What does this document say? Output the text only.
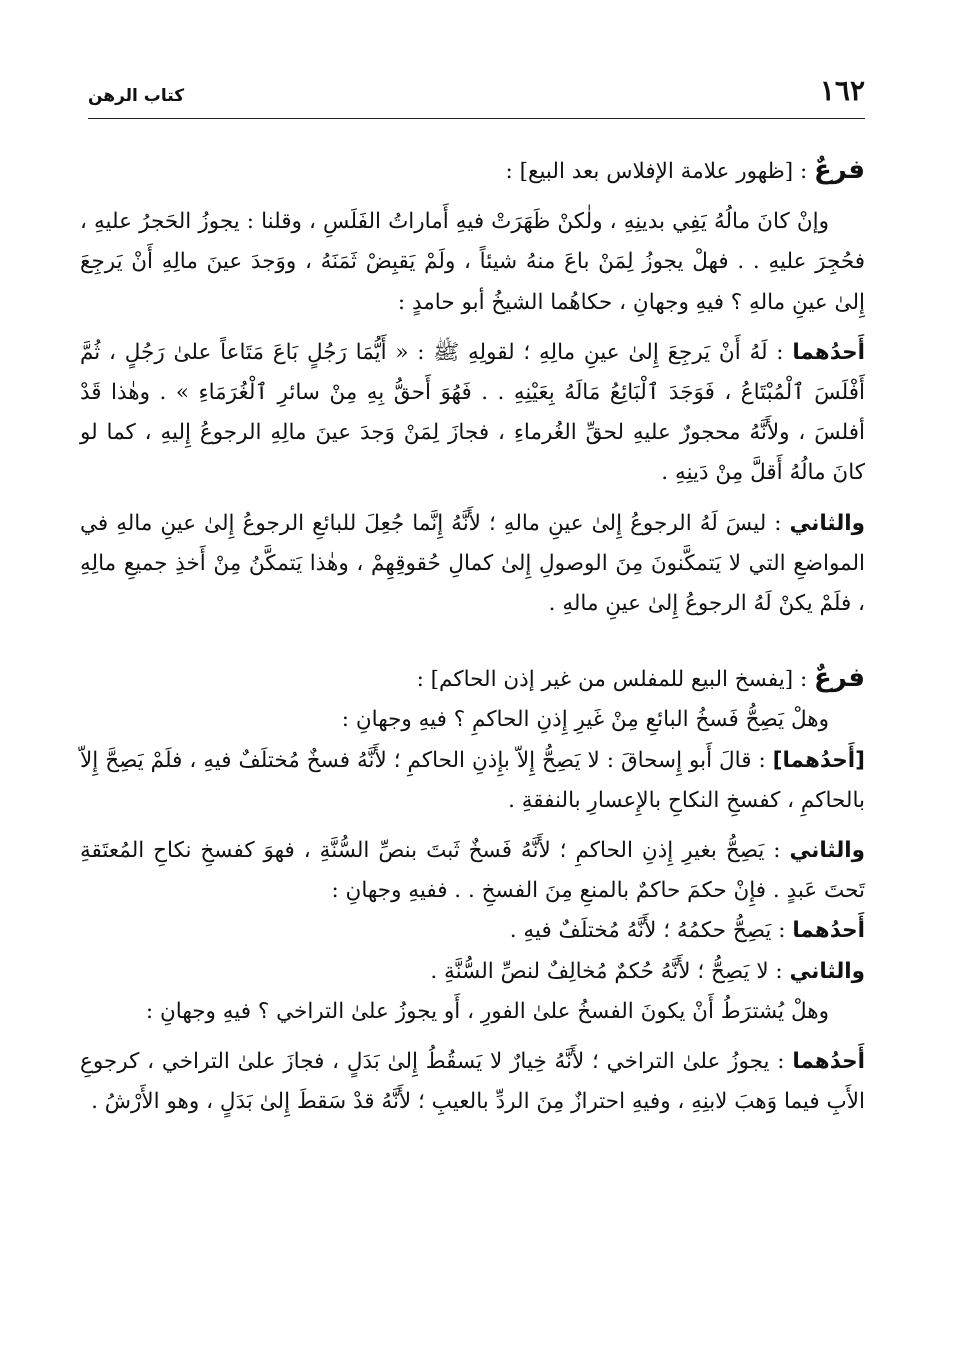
١٦٢
كتاب الرهن

فرعٌ : [ظهور علامة الإفلاس بعد البيع] :

وإنْ كانَ مالُهُ يَفِي بدينِهِ ، ولٰكنْ ظَهَرَتْ فيهِ أَماراتُ الفَلَسِ ، وقلنا : يجوزُ الحَجرُ عليهِ ، فحُجِرَ عليهِ . . فهلْ يجوزُ لِمَنْ باعَ منهُ شيئاً ، ولَمْ يَقبِضْ ثَمَنَهُ ، ووَجدَ عينَ مالِهِ أَنْ يَرجِعَ إِلىٰ عينِ مالهِ ؟ فيهِ وجهانِ ، حكاهُما الشيخُ أبو حامدٍ :

أَحدُهما : لَهُ أَنْ يَرجِعَ إِلىٰ عينِ مالِهِ ؛ لقولِهِ ﷺ : « أَيُّمَا رَجُلٍ بَاعَ مَتَاعاً علىٰ رَجُلٍ ، ثُمَّ أَفْلَسَ ٱلْمُبْتَاعُ ، فَوَجَدَ ٱلْبَائِعُ مَالَهُ بِعَيْنِهِ . . فَهُوَ أَحقُّ بِهِ مِنْ سائرِ ٱلْغُرَمَاءِ » . وهٰذا قَدْ أفلسَ ، ولأَنَّهُ محجورٌ عليهِ لحقِّ الغُرماءِ ، فجازَ لِمَنْ وَجدَ عينَ مالِهِ الرجوعُ إِليهِ ، كما لو كانَ مالُهُ أَقلَّ مِنْ دَينِهِ .

والثاني : ليسَ لَهُ الرجوعُ إِلىٰ عينِ مالهِ ؛ لأَنَّهُ إِنَّما جُعِلَ للبائعِ الرجوعُ إِلىٰ عينِ مالهِ في المواضعِ التي لا يَتمكَّنونَ مِنَ الوصولِ إِلىٰ كمالِ حُقوقِهِمْ ، وهٰذا يَتمكَّنُ مِنْ أَخذِ جميعِ مالِهِ ، فلَمْ يكنْ لَهُ الرجوعُ إِلىٰ عينِ مالهِ .

فرعٌ : [يفسخ البيع للمفلس من غير إذن الحاكم] :

وهلْ يَصِحُّ فَسخُ البائعِ مِنْ غَيرِ إِذنِ الحاكمِ ؟ فيهِ وجهانِ :

[أَحدُهما] : قالَ أَبو إِسحاقَ : لا يَصِحُّ إِلاّ بإِذنِ الحاكمِ ؛ لأَنَّهُ فسخٌ مُختلَفٌ فيهِ ، فلَمْ يَصِحَّ إِلاّ بالحاكمِ ، كفسخِ النكاحِ بالإِعسارِ بالنفقةِ .

والثاني : يَصِحُّ بغيرِ إِذنِ الحاكمِ ؛ لأَنَّهُ فَسخٌ ثَبتَ بنصِّ السُّنَّةِ ، فهوَ كفسخِ نكاحِ المُعتَقةِ تَحتَ عَبدٍ . فإِنْ حكمَ حاكمٌ بالمنعِ مِنَ الفسخِ . . ففيهِ وجهانِ :

أَحدُهما : يَصِحُّ حكمُهُ ؛ لأَنَّهُ مُختلَفٌ فيهِ .

والثاني : لا يَصِحُّ ؛ لأَنَّهُ حُكمٌ مُخالِفٌ لنصِّ السُّنَّةِ .

وهلْ يُشترَطُ أَنْ يكونَ الفسخُ علىٰ الفورِ ، أَو يجوزُ علىٰ التراخي ؟ فيهِ وجهانِ :

أَحدُهما : يجوزُ علىٰ التراخي ؛ لأَنَّهُ خِيارٌ لا يَسقُطُ إِلىٰ بَدَلٍ ، فجازَ علىٰ التراخي ، كرجوعِ الأَبِ فيما وَهبَ لابنِهِ ، وفيهِ احترازٌ مِنَ الردِّ بالعيبِ ؛ لأَنَّهُ قدْ سَقطَ إِلىٰ بَدَلٍ ، وهو الأَرْشُ .
